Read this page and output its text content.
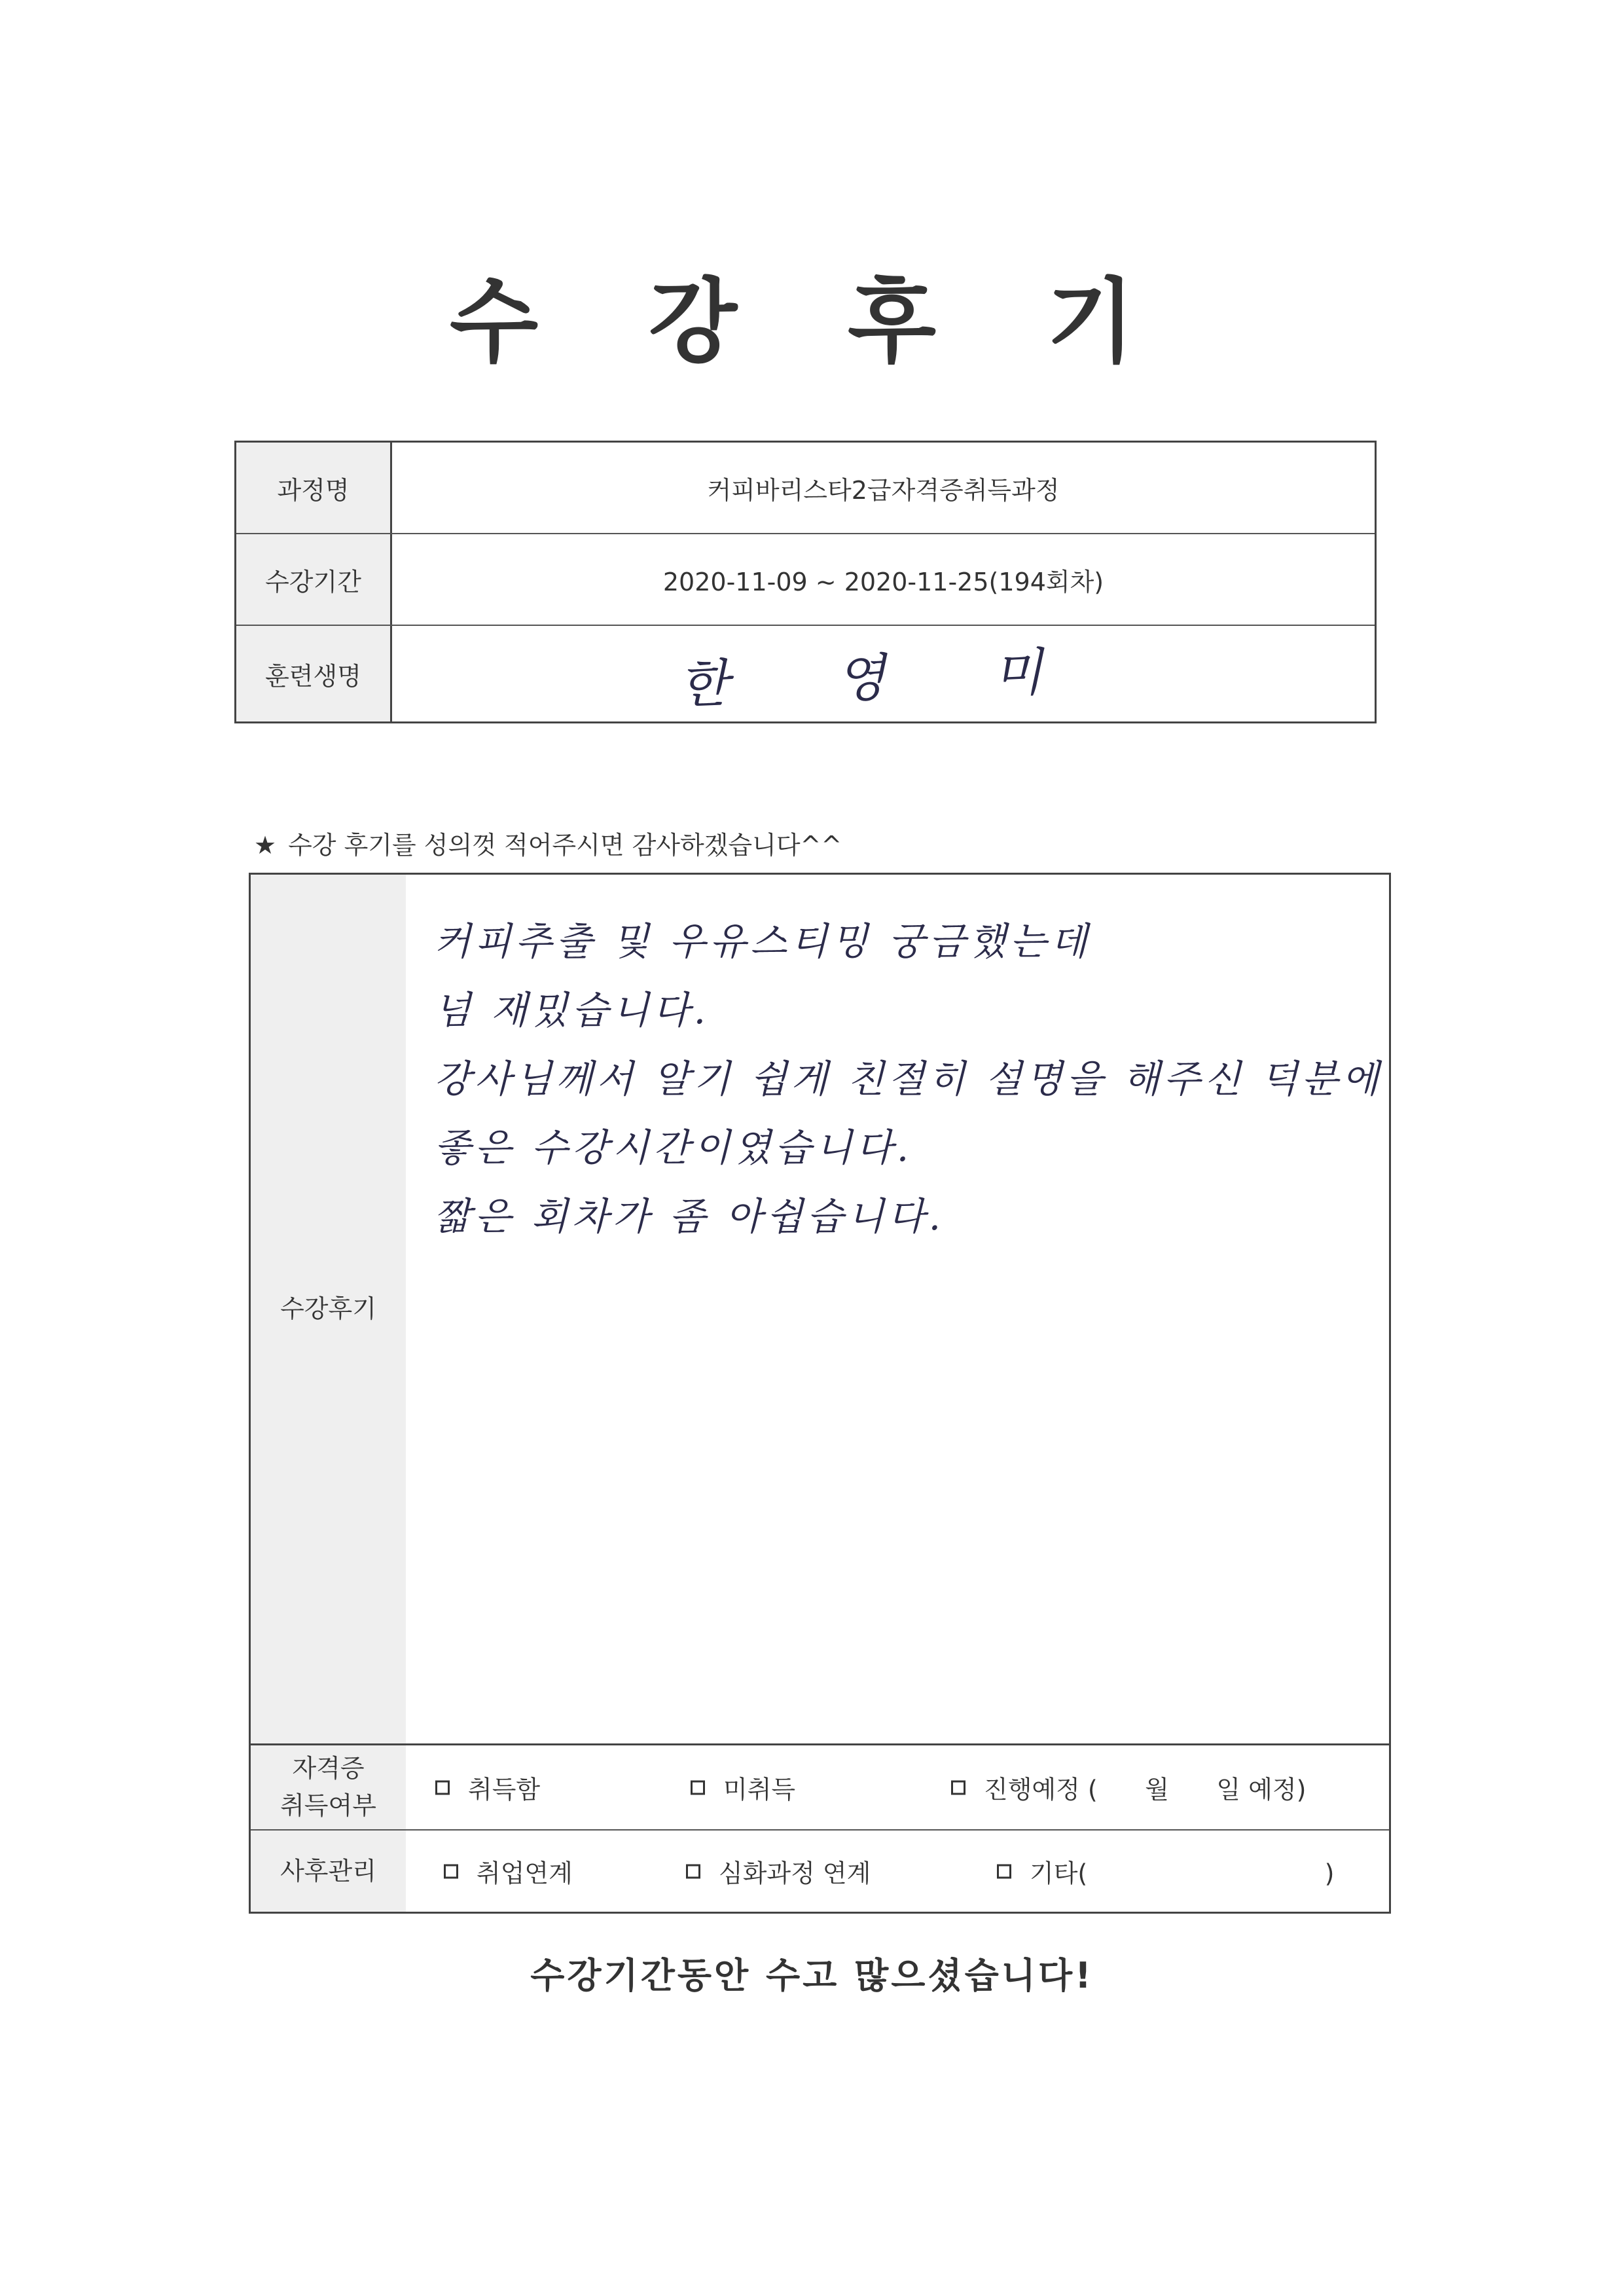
수 강 후 기
과정명	커피바리스타2급자격증취득과정
수강기간	2020-11-09 ~ 2020-11-25(194회차)
훈련생명	한 영 미
★ 수강 후기를 성의껏 적어주시면 감사하겠습니다^^
수강후기
커피추출 및 우유스티밍 궁금했는데
넘 재밌습니다.
강사님께서 알기 쉽게 친절히 설명을 해주신 덕분에
좋은 수강시간이였습니다.
짧은 회차가 좀 아쉽습니다.
자격증
취득여부
취득함	미취득	진행예정 (      월      일 예정)
사후관리	취업연계	심화과정 연계	기타(                              )
수강기간동안 수고 많으셨습니다!
